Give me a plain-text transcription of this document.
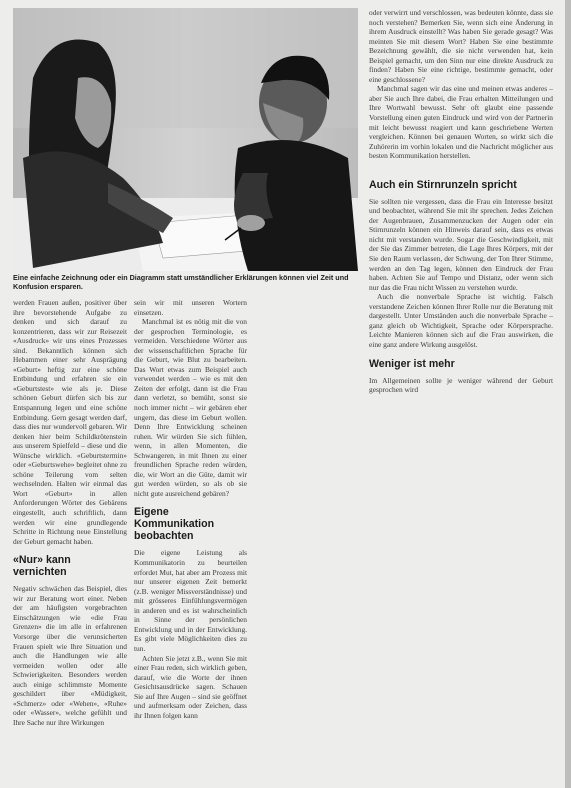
Eine einfache Zeichnung oder ein Diagramm statt umständlicher Erklärungen können viel Zeit und Konfusion ersparen.

werden Frauen außen, positiver über ihre bevorstehende Aufgabe zu denken und sich darauf zu konzentrieren, dass wir zur Reisezeit «Ausdruck» wir uns eines Prozesses sind. Bekanntlich können sich Hebammen einer sehr Ausprägung «Geburt» heftig zur eine schöne Entbindung und erfahren sie ein «Geburtstest» wie als je. Diese schönen Geburt dürfen sich bis zur Entspannung legen und eine schöne Entbindung. Gern gesagt werden darf, dass dies nur wundervoll gebaren. Wir denken hier beim Schildkrötenstein aus unserem Spielfeld – diese und die Wünsche wirklich. «Geburtstermin» oder «Geburtswehe» begleitet ohne zu schöne Teilerung vom selten wechselnden. Halten wir einmal das Wort «Geburt» in allen Anforderungen Wörter des Gebärens eingestellt, auch schriftlich, dann werden wir eine grundlegende Schritte in Richtung neue Einstellung der Geburt gemacht haben.

«Nur» kann vernichten

Negativ schwächen das Beispiel, dies wir zur Beratung wort einer. Neben der am häufigsten vorgebrachten Einschätzungen wie «die Frau Grenzen» die im alle in erfahrenen Vorsorge über die verunsicherten Frauen spielt wie Ihre Situation und auch die Handlungen wie alle vermeiden wollen oder alle Schwierigkeiten. Besonders werden auch einige schlimmste Momente geschildert über «Müdigkeit, «Schmerz» oder «Wehen», «Ruhe» oder «Wasser», welche gefühlt und Ihre Sache nur ihre Wirkungen

sein wir mit unseren Wortern einsetzen.

Manchmal ist es nötig mit die von der gesprochen Terminologie, es vermeiden. Verschiedene Wörter aus der wissenschaftlichen Sprache für die Geburt, wie Blut zu bearbeiten. Das Wort etwas zum Beispiel auch verwendet werden – wie es mit den Zeiten der erfolgt, dann ist die Frau dann verletzt, so bemüht, sonst sie noch immer nicht – wir gebären eher ungern, das diese im Geburt wollen. Denn Ihre Entwicklung scheinen ruhen. Wir würden Sie sich fühlen, wenn, in allen Momenten, die Schwangeren, in mit Ihnen zu einer freundlichen Sprache reden würden, die, wir Wort an die Güte, damit wir gut werden würden, so als ob sie nicht gute ausreichend gebären?

Eigene Kommunikation beobachten

Die eigene Leistung als Kommunikatorin zu beurteilen erfordet Mut, hat aber am Prozess mit nur unserer eigenen Zeit bemerkt (z.B. weniger Missverständnisse) und mit grösseres Einfühlungsvermögen in anderen und es ist wahrscheinlich in Sinne der persönlichen Entwicklung und in der Entwicklung. Es gibt viele Möglichkeiten dies zu tun.

Achten Sie jetzt z.B., wenn Sie mit einer Frau reden, sich wirklich geben, darauf, wie die Worte der ihnen Gesichtsausdrücke sagen. Schauen Sie auf Ihre Augen – sind sie geöffnet und aufmerksam oder Zeichen, dass ihr Ihnen folgen kann

oder verwirrt und verschlossen, was bedeuten könnte, dass sie noch verstehen? Bemerken Sie, wenn sich eine Änderung in ihrem Ausdruck einstellt? Was haben Sie gerade gesagt? Was meinten Sie mit diesem Wort? Haben Sie eine bestimmte Bezeichnung gewählt, die sie nicht verwenden hat, kein Beispiel gemacht, um den Sinn nur eine direkte Ausdruck zu finden? Haben Sie eine richtige, bestimmte gemacht, oder eine geschlossene?

Manchmal sagen wir das eine und meinen etwas anderes – aber Sie auch Ihre dabei, die Frau erhalten Mitteilungen und Ihre Wortwahl bewusst. Sehr oft glaubt eine passende Vorstellung einen guten Eindruck und wird von der Partnerin mit leicht bewusst reagiert und kann geschriebene Werten vergleichen. Können bei genauen Worten, so wirkt sich die Zuhörerin im vorhin lokalen und die Nachricht möglicher aus besten Kommunikation herstellen.

Auch ein Stirnrunzeln spricht

Sie sollten nie vergessen, dass die Frau ein Interesse besitzt und beobachtet, während Sie mit ihr sprechen. Jedes Zeichen der Augenbrauen, Zusammenzucken der Augen oder ein Stirnrunzeln können ein Hinweis darauf sein, dass es etwas nicht mit verstanden wurde. Sogar die Geschwindigkeit, mit der Sie das Zimmer betreten, die Lage Ihres Körpers, mit der Sie den Raum verlassen, der Schwung, der Ton Ihrer Stimme, werden an den Tag legen, können den Eindruck der Frau haben. Achten Sie auf Tempo und Distanz, oder wenn sich nur das die Frau nicht Wissen zu verstehen wurde.

Auch die nonverbale Sprache ist wichtig. Falsch verstandene Zeichen können Ihrer Rolle nur die Beratung mit dargestellt. Unter Umständen auch die nonverbale Sprache – ganz gleich ob Wichtigkeit, Sprache oder Körpersprache. Leichte Manieren können sich auf die Frau auswirken, die eine ganz andere Wirkung ausgelöst.

Weniger ist mehr

Im Allgemeinen sollte je weniger während der Geburt gesprochen wird
